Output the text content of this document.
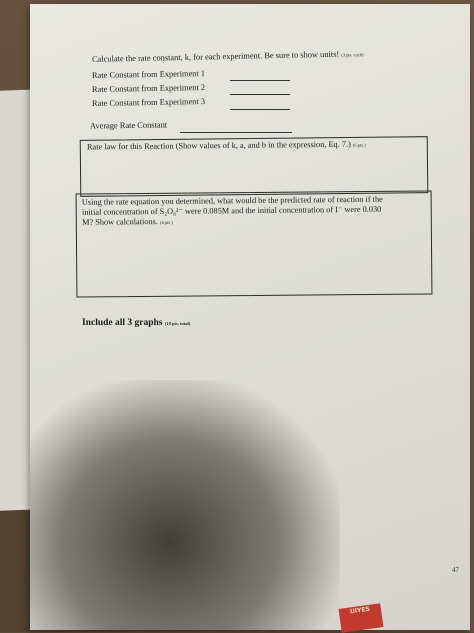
Calculate the rate constant, k, for each experiment. Be sure to show units! (3 pts. each)
Rate Constant from Experiment 1
Rate Constant from Experiment 2
Rate Constant from Experiment 3
Average Rate Constant
Rate law for this Reaction (Show values of k, a, and b in the expression, Eq. 7.) (6 pts.)
Using the rate equation you determined, what would be the predicted rate of reaction if the
initial concentration of S₂O₈²⁻ were 0.085M and the initial concentration of I⁻ were 0.030
M? Show calculations. (4 pts.)
Include all 3 graphs (18 pts. total)
47
UIYES
